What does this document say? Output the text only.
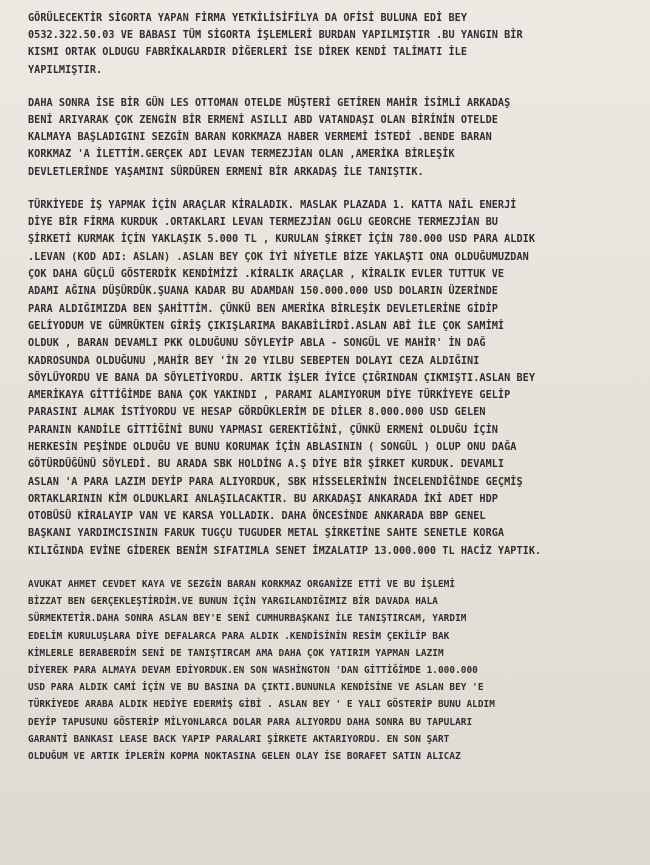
GÖRÜLECEKTİR SİGORTA YAPAN FİRMA YETKİLİSİFİLYA DA OFİSİ BULUNA EDİ BEY

0532.322.50.03 VE BABASI TÜM SİGORTA İŞLEMLERİ BURDAN YAPILMIŞTIR .BU YANGIN BİR

KISMI ORTAK OLDUGU FABRİKALARDIR DİĞERLERİ İSE DİREK KENDİ TALİMATI İLE

YAPILMIŞTIR.

DAHA SONRA İSE BİR GÜN LES OTTOMAN OTELDE MÜŞTERİ GETİREN MAHİR İSİMLİ ARKADAŞ

BENİ ARIYARAK ÇOK ZENGİN BİR ERMENİ ASILLI ABD VATANDAŞI OLAN BİRİNİN OTELDE

KALMAYA BAŞLADIGINI SEZGİN BARAN KORKMAZA HABER VERMEMİ İSTEDİ .BENDE BARAN

KORKMAZ 'A İLETTİM.GERÇEK ADI LEVAN TERMEZJİAN OLAN ,AMERİKA BİRLEŞİK

DEVLETLERİNDE YAŞAMINI SÜRDÜREN ERMENİ BİR ARKADAŞ İLE TANIŞTIK.

TÜRKİYEDE İŞ YAPMAK İÇİN ARAÇLAR KİRALADIK. MASLAK PLAZADA 1. KATTA NAİL ENERJİ

DİYE BİR FİRMA KURDUK .ORTAKLARI LEVAN TERMEZJİAN OGLU GEORCHE TERMEZJİAN BU

ŞİRKETİ KURMAK İÇİN YAKLAŞIK 5.000 TL , KURULAN ŞİRKET İÇİN 780.000 USD PARA ALDIK

.LEVAN (KOD ADI: ASLAN) .ASLAN BEY ÇOK İYİ NİYETLE BİZE YAKLAŞTI ONA OLDUĞUMUZDAN

ÇOK DAHA GÜÇLÜ GÖSTERDİK KENDİMİZİ .KİRALIK ARAÇLAR , KİRALIK EVLER TUTTUK VE

ADAMI AĞINA DÜŞÜRDÜK.ŞUANA KADAR BU ADAMDAN 150.000.000 USD DOLARIN ÜZERİNDE

PARA ALDIĞIMIZDA BEN ŞAHİTTİM. ÇÜNKÜ BEN AMERİKA BİRLEŞİK DEVLETLERİNE GİDİP

GELİYODUM VE GÜMRÜKTEN GİRİŞ ÇIKIŞLARIMA BAKABİLİRDİ.ASLAN ABİ İLE ÇOK SAMİMİ

OLDUK , BARAN DEVAMLI PKK OLDUĞUNU SÖYLEYİP ABLA - SONGÜL VE MAHİR' İN DAĞ

KADROSUNDA OLDUĞUNU ,MAHİR BEY 'İN 20 YILBU SEBEPTEN DOLAYI CEZA ALDIĞINI

SÖYLÜYORDU VE BANA DA SÖYLETİYORDU. ARTIK İŞLER İYİCE ÇIĞRINDAN ÇIKMIŞTI.ASLAN BEY

AMERİKAYA GİTTİĞİMDE BANA ÇOK YAKINDI , PARAMI ALAMIYORUM DİYE TÜRKİYEYE GELİP

PARASINI ALMAK İSTİYORDU VE HESAP GÖRDÜKLERİM DE DİLER 8.000.000 USD GELEN

PARANIN KANDİLE GİTTİĞİNİ BUNU YAPMASI GEREKTİĞİNİ, ÇÜNKÜ ERMENİ OLDUĞU İÇİN

HERKESİN PEŞİNDE OLDUĞU VE BUNU KORUMAK İÇİN ABLASININ ( SONGÜL ) OLUP ONU DAĞA

GÖTÜRDÜĞÜNÜ SÖYLEDİ. BU ARADA SBK HOLDİNG A.Ş DİYE BİR ŞİRKET KURDUK. DEVAMLI

ASLAN 'A PARA LAZIM DEYİP PARA ALIYORDUK, SBK HİSSELERİNİN İNCELENDİĞİNDE GEÇMİŞ

ORTAKLARININ KİM OLDUKLARI ANLAŞILACAKTIR. BU ARKADAŞI ANKARADA İKİ ADET HDP

OTOBÜSÜ KİRALAYIP VAN VE KARSA YOLLADIK. DAHA ÖNCESİNDE ANKARADA BBP GENEL

BAŞKANI YARDIMCISININ FARUK TUGÇU TUGUDER METAL ŞİRKETİNE SAHTE SENETLE KORGA

KILIĞINDA EVİNE GİDEREK BENİM SIFATIMLA SENET İMZALATIP 13.000.000 TL HACİZ YAPTIK.

AVUKAT AHMET CEVDET KAYA VE SEZGİN BARAN KORKMAZ ORGANİZE ETTİ VE BU İŞLEMİ

BİZZAT BEN GERÇEKLEŞTİRDİM.VE BUNUN İÇİN YARGILANDIĞIMIZ BİR DAVADA HALA

SÜRMEKTETİR.DAHA SONRA ASLAN BEY'E SENİ CUMHURBAŞKANI İLE TANIŞTIRCAM, YARDIM

EDELİM KURULUŞLARA DİYE DEFALARCA PARA ALDIK .KENDİSİNİN RESİM ÇEKİLİP BAK

KİMLERLE BERABERDİM SENİ DE TANIŞTIRCAM AMA DAHA ÇOK YATIRIM YAPMAN LAZIM

DİYEREK PARA ALMAYA DEVAM EDİYORDUK.EN SON WASHİNGTON 'DAN GİTTİĞİMDE 1.000.000

USD PARA ALDIK CAMİ İÇİN VE BU BASINA DA ÇIKTI.BUNUNLA KENDİSİNE VE ASLAN BEY 'E

TÜRKİYEDE ARABA ALDIK HEDİYE EDERMİŞ GİBİ . ASLAN BEY ' E YALI GÖSTERİP BUNU ALDIM

DEYİP TAPUSUNU GÖSTERİP MİLYONLARCA DOLAR PARA ALIYORDU DAHA SONRA BU TAPULARI

GARANTİ BANKASI LEASE BACK YAPIP PARALARI ŞİRKETE AKTARIYORDU. EN SON ŞART

OLDUĞUM VE ARTIK İPLERİN KOPMA NOKTASINA GELEN OLAY İSE BORAFET SATIN ALICAZ
